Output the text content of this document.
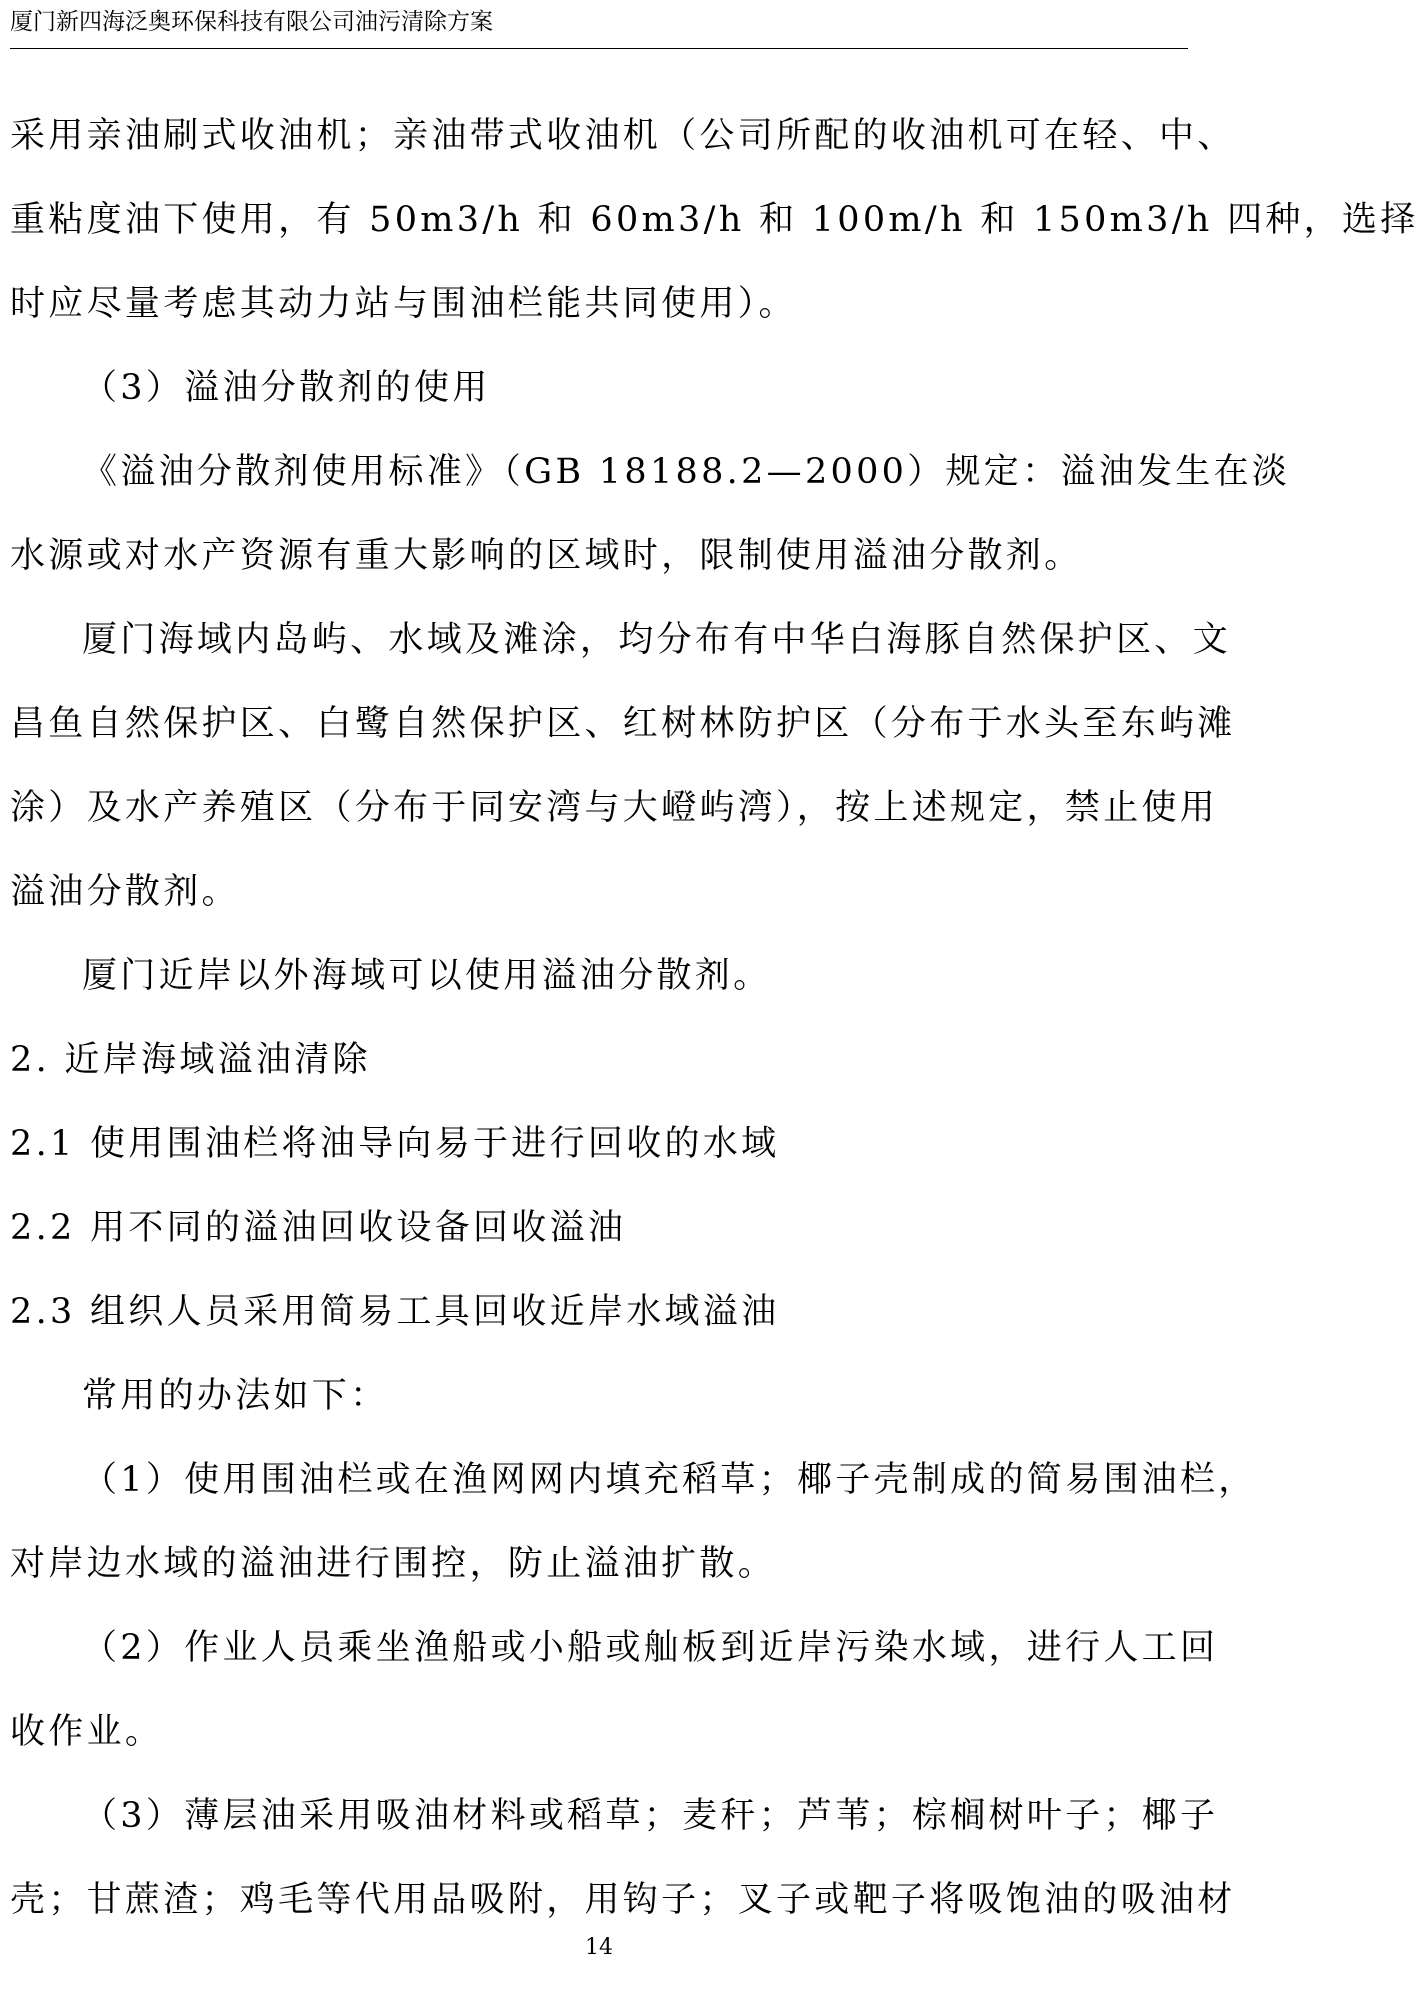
厦门新四海泛奥环保科技有限公司油污清除方案
采用亲油刷式收油机；亲油带式收油机（公司所配的收油机可在轻、中、
重粘度油下使用，有 50m3/h 和 60m3/h 和 100m/h 和 150m3/h 四种，选择
时应尽量考虑其动力站与围油栏能共同使用）。
（3）溢油分散剂的使用
《溢油分散剂使用标准》（GB 18188.2—2000）规定：溢油发生在淡
水源或对水产资源有重大影响的区域时，限制使用溢油分散剂。
厦门海域内岛屿、水域及滩涂，均分布有中华白海豚自然保护区、文
昌鱼自然保护区、白鹭自然保护区、红树林防护区（分布于水头至东屿滩
涂）及水产养殖区（分布于同安湾与大嶝屿湾），按上述规定，禁止使用
溢油分散剂。
厦门近岸以外海域可以使用溢油分散剂。
2. 近岸海域溢油清除
2.1 使用围油栏将油导向易于进行回收的水域
2.2 用不同的溢油回收设备回收溢油
2.3 组织人员采用简易工具回收近岸水域溢油
常用的办法如下：
（1）使用围油栏或在渔网网内填充稻草；椰子壳制成的简易围油栏，
对岸边水域的溢油进行围控，防止溢油扩散。
（2）作业人员乘坐渔船或小船或舢板到近岸污染水域，进行人工回
收作业。
（3）薄层油采用吸油材料或稻草；麦秆；芦苇；棕榈树叶子；椰子
壳；甘蔗渣；鸡毛等代用品吸附，用钩子；叉子或靶子将吸饱油的吸油材
14
